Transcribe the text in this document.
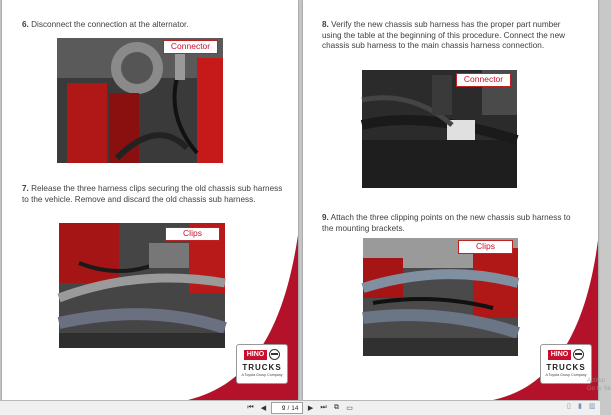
6. Disconnect the connection at the alternator.

Connector

7. Release the three harness clips securing the old chassis sub harness to the vehicle. Remove and discard the old chassis sub harness.

Clips
HINO
TRUCKS
A Toyota Group Company

8. Verify the new chassis sub harness has the proper part number using the table at the beginning of this procedure. Connect the new chassis sub harness to the main chassis harness connection.

Connector

9. Attach the three clipping points on the new chassis sub harness to the mounting brackets.

Clips
HINO
TRUCKS
A Toyota Group Company
Activat
Go to Se
⏮	◀
9	/ 14	▶	⏭	⧉	▭	▯	▮	▥
